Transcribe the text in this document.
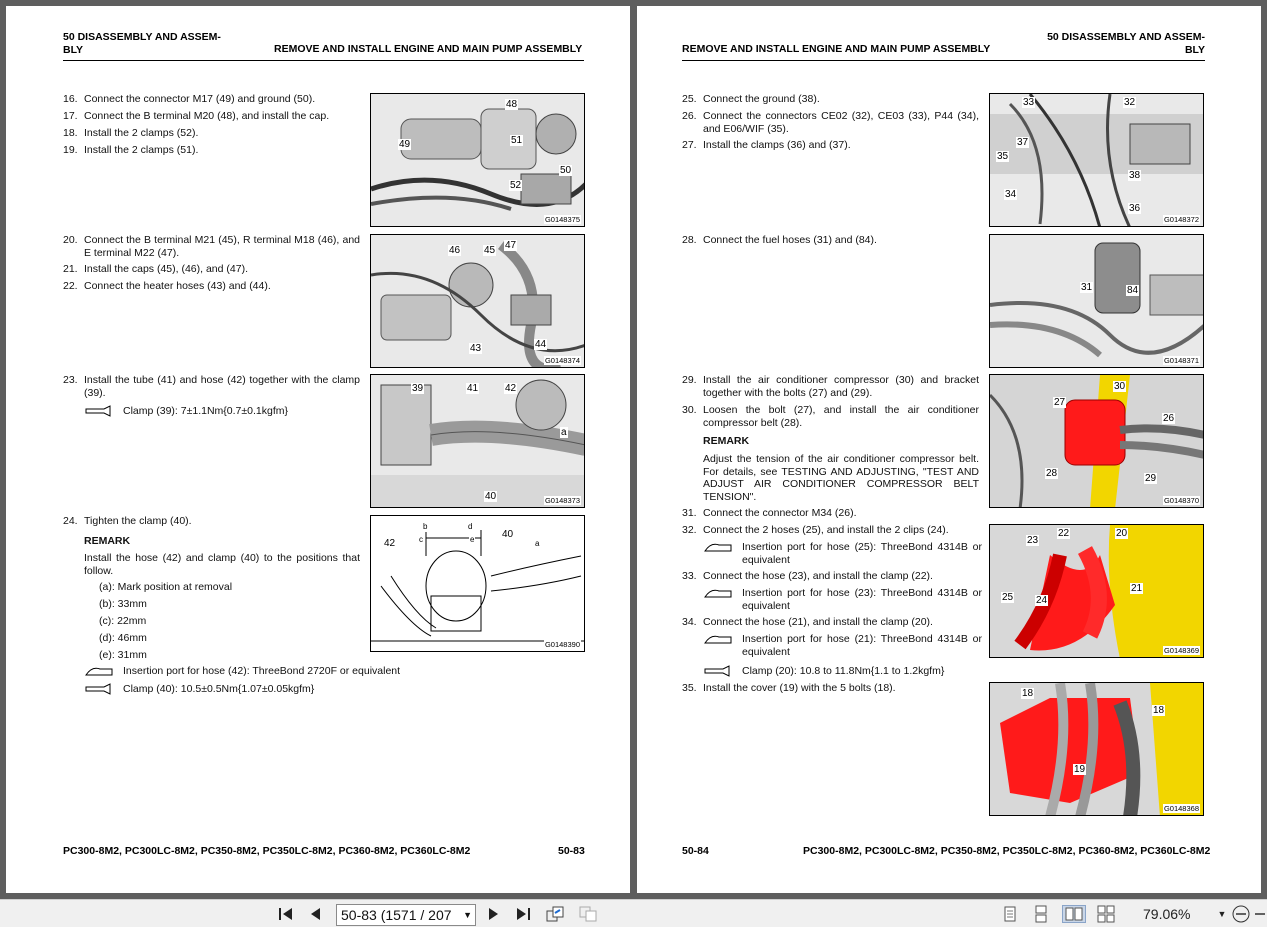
50 DISASSEMBLY AND ASSEM-
BLY	REMOVE AND INSTALL ENGINE AND MAIN PUMP ASSEMBLY
16. Connect the connector M17 (49) and ground (50).
17. Connect the B terminal M20 (48), and install the cap.
18. Install the 2 clamps (52).
19. Install the 2 clamps (51).
48
49	51
52
50
G0148375
20. Connect the B terminal M21 (45), R terminal M18 (46), and E terminal M22 (47).
21. Install the caps (45), (46), and (47).
22. Connect the heater hoses (43) and (44).
46 45 47
43	44
G0148374
23. Install the tube (41) and hose (42) together with the clamp (39).
Clamp (39): 7±1.1Nm{0.7±0.1kgfm}
39	41	42
a
40	G0148373
24. Tighten the clamp (40).
REMARK
Install the hose (42) and clamp (40) to the positions that follow.
(a): Mark position at removal
(b): 33mm
(c): 22mm
(d): 46mm
(e): 31mm
Insertion port for hose (42): ThreeBond 2720F or equivalent
Clamp (40): 10.5±0.5Nm{1.07±0.05kgfm}
42
40
b
c
d
e	a
G0148390
PC300-8M2, PC300LC-8M2, PC350-8M2, PC350LC-8M2, PC360-8M2, PC360LC-8M2	50-83
REMOVE AND INSTALL ENGINE AND MAIN PUMP ASSEMBLY
50 DISASSEMBLY AND ASSEM-
BLY
25. Connect the ground (38).
26. Connect the connectors CE02 (32), CE03 (33), P44 (34), and E06/WIF (35).
27. Install the clamps (36) and (37).
33	32
37
35
38
34
36
G0148372
28. Connect the fuel hoses (31) and (84).
31	84
G0148371
29. Install the air conditioner compressor (30) and bracket together with the bolts (27) and (29).
30. Loosen the bolt (27), and install the air conditioner compressor belt (28).
REMARK
Adjust the tension of the air conditioner compressor belt. For details, see TESTING AND ADJUSTING, "TEST AND ADJUST AIR CONDITIONER COMPRESSOR BELT TENSION".
31. Connect the connector M34 (26).
32. Connect the 2 hoses (25), and install the 2 clips (24).
Insertion port for hose (25): ThreeBond 4314B or equivalent
33. Connect the hose (23), and install the clamp (22).
Insertion port for hose (23): ThreeBond 4314B or equivalent
34. Connect the hose (21), and install the clamp (20).
Insertion port for hose (21): ThreeBond 4314B or equivalent
Clamp (20): 10.8 to 11.8Nm{1.1 to 1.2kgfm}
35. Install the cover (19) with the 5 bolts (18).
30
27
26
28	29
G0148370
22	20
23
21
25 24
G0148369
18
18
19
G0148368
50-84	PC300-8M2, PC300LC-8M2, PC350-8M2, PC350LC-8M2, PC360-8M2, PC360LC-8M2
50-83 (1571 / 207 ▼	79.06%	▼
